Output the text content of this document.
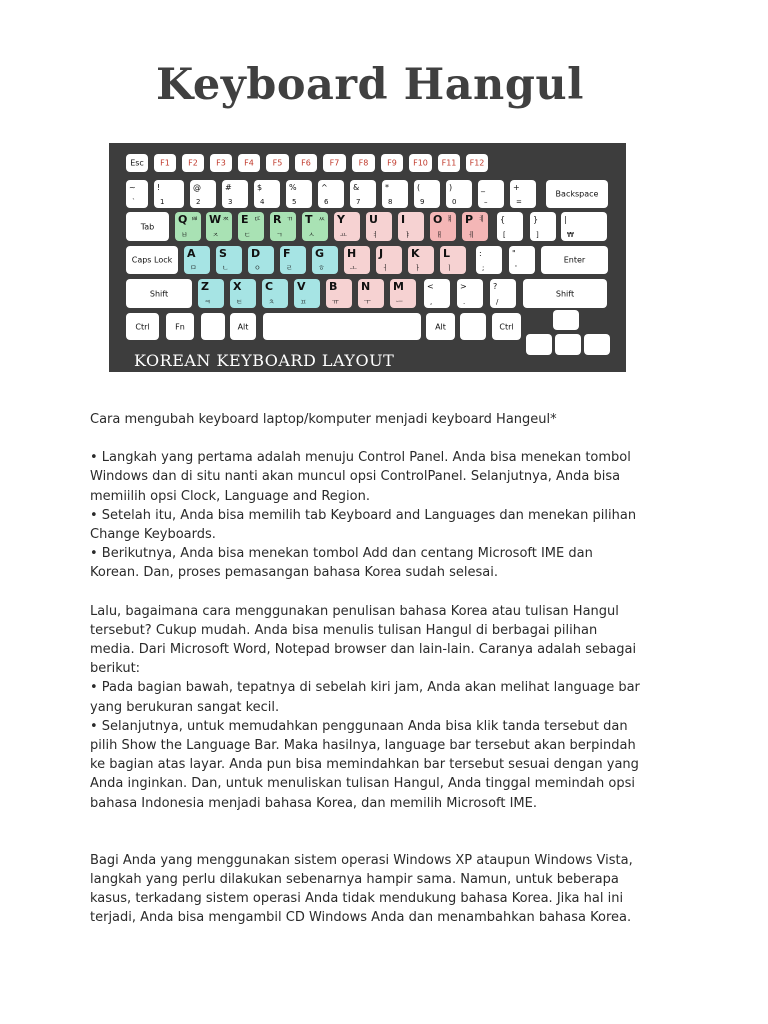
Keyboard Hangul
KOREAN KEYBOARD LAYOUT
Esc	F1	F2	F3	F4	F5	F6	F7	F8	F9	F10	F11	F12
~
`
!
1
@
2
#
3
$
4
%
5
^
6
&
7
*
8
(
9
)
0
_
–
+
=
Backspace
Tab
Q ㅃ
ㅂ
W ㅉ
ㅈ
E ㄸ
ㄷ
R ㄲ
ㄱ
T ㅆ
ㅅ
Y
ㅛ
U
ㅕ
I
ㅑ
O ㅒ
ㅐ
P ㅖ
ㅔ
{
[
}
]
|
₩
Caps Lock	A
ㅁ
S
ㄴ
D
ㅇ
F
ㄹ
G
ㅎ
H
ㅗ
J
ㅓ
K
ㅏ
L
ㅣ
:
;
"
'
Enter
Shift
Z
ㅋ
X
ㅌ
C
ㅊ
V
ㅍ
B
ㅠ
N
ㅜ
M
ㅡ
<
,
>
.
?
/
Shift
Ctrl	Fn	Alt	Alt	Ctrl

Cara mengubah keyboard laptop/komputer menjadi keyboard Hangeul*

• Langkah yang pertama adalah menuju Control Panel. Anda bisa menekan tombol

Windows dan di situ nanti akan muncul opsi ControlPanel. Selanjutnya, Anda bisa

memiilih opsi Clock, Language and Region.

• Setelah itu, Anda bisa memilih tab Keyboard and Languages dan menekan pilihan

Change Keyboards.

• Berikutnya, Anda bisa menekan tombol Add dan centang Microsoft IME dan

Korean. Dan, proses pemasangan bahasa Korea sudah selesai.

Lalu, bagaimana cara menggunakan penulisan bahasa Korea atau tulisan Hangul

tersebut? Cukup mudah. Anda bisa menulis tulisan Hangul di berbagai pilihan

media. Dari Microsoft Word, Notepad browser dan lain-lain. Caranya adalah sebagai

berikut:

• Pada bagian bawah, tepatnya di sebelah kiri jam, Anda akan melihat language bar

yang berukuran sangat kecil.

• Selanjutnya, untuk memudahkan penggunaan Anda bisa klik tanda tersebut dan

pilih Show the Language Bar. Maka hasilnya, language bar tersebut akan berpindah

ke bagian atas layar. Anda pun bisa memindahkan bar tersebut sesuai dengan yang

Anda inginkan. Dan, untuk menuliskan tulisan Hangul, Anda tinggal memindah opsi

bahasa Indonesia menjadi bahasa Korea, dan memilih Microsoft IME.

Bagi Anda yang menggunakan sistem operasi Windows XP ataupun Windows Vista,

langkah yang perlu dilakukan sebenarnya hampir sama. Namun, untuk beberapa

kasus, terkadang sistem operasi Anda tidak mendukung bahasa Korea. Jika hal ini

terjadi, Anda bisa mengambil CD Windows Anda dan menambahkan bahasa Korea.
